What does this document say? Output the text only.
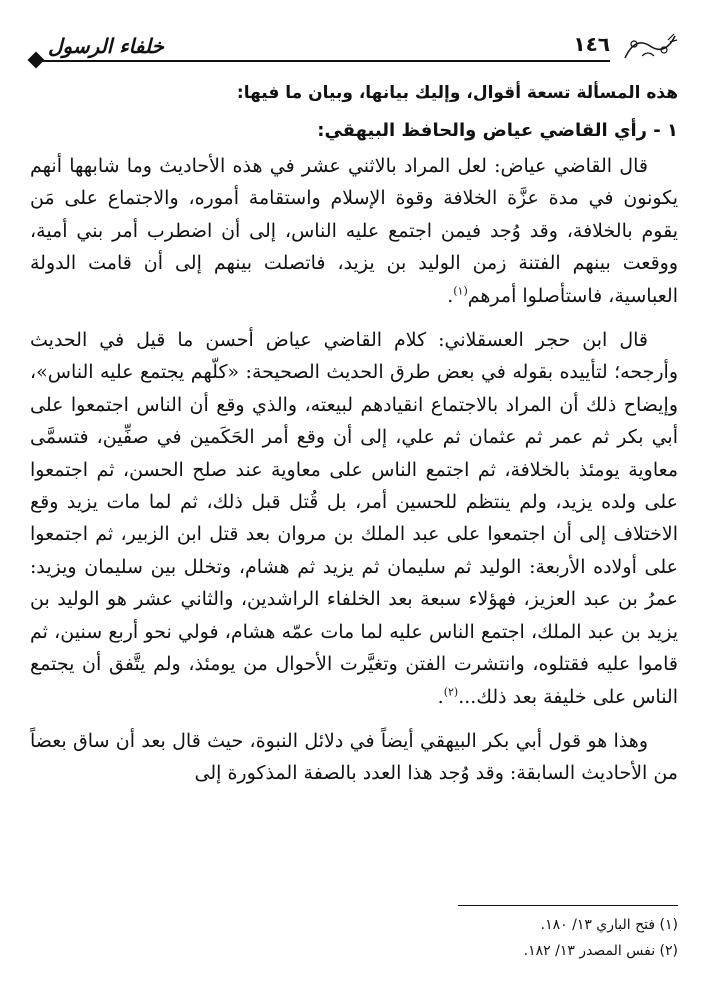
١٤٦
خلفاء الرسول

هذه المسألة تسعة أقوال، وإليك بيانها، وبيان ما فيها:

١ - رأي القاضي عياض والحافظ البيهقي:

قال القاضي عياض: لعل المراد بالاثني عشر في هذه الأحاديث وما شابهها أنهم يكونون في مدة عزَّة الخلافة وقوة الإسلام واستقامة أموره، والاجتماع على مَن يقوم بالخلافة، وقد وُجد فيمن اجتمع عليه الناس، إلى أن اضطرب أمر بني أمية، ووقعت بينهم الفتنة زمن الوليد بن يزيد، فاتصلت بينهم إلى أن قامت الدولة العباسية، فاستأصلوا أمرهم$^{(١)}$.

قال ابن حجر العسقلاني: كلام القاضي عياض أحسن ما قيل في الحديث وأرجحه؛ لتأييده بقوله في بعض طرق الحديث الصحيحة: «كلّهم يجتمع عليه الناس»، وإيضاح ذلك أن المراد بالاجتماع انقيادهم لبيعته، والذي وقع أن الناس اجتمعوا على أبي بكر ثم عمر ثم عثمان ثم علي، إلى أن وقع أمر الحَكَمين في صفِّين، فتسمَّى معاوية يومئذ بالخلافة، ثم اجتمع الناس على معاوية عند صلح الحسن، ثم اجتمعوا على ولده يزيد، ولم ينتظم للحسين أمر، بل قُتل قبل ذلك، ثم لما مات يزيد وقع الاختلاف إلى أن اجتمعوا على عبد الملك بن مروان بعد قتل ابن الزبير، ثم اجتمعوا على أولاده الأربعة: الوليد ثم سليمان ثم يزيد ثم هشام، وتخلل بين سليمان ويزيد: عمرُ بن عبد العزيز، فهؤلاء سبعة بعد الخلفاء الراشدين، والثاني عشر هو الوليد بن يزيد بن عبد الملك، اجتمع الناس عليه لما مات عمّه هشام، فولي نحو أربع سنين، ثم قاموا عليه فقتلوه، وانتشرت الفتن وتغيَّرت الأحوال من يومئذ، ولم يتَّفق أن يجتمع الناس على خليفة بعد ذلك...$^{(٢)}$.

وهذا هو قول أبي بكر البيهقي أيضاً في دلائل النبوة، حيث قال بعد أن ساق بعضاً من الأحاديث السابقة: وقد وُجد هذا العدد بالصفة المذكورة إلى

(١) فتح الباري ١٣/ ١٨٠.

(٢) نفس المصدر ١٣/ ١٨٢.
